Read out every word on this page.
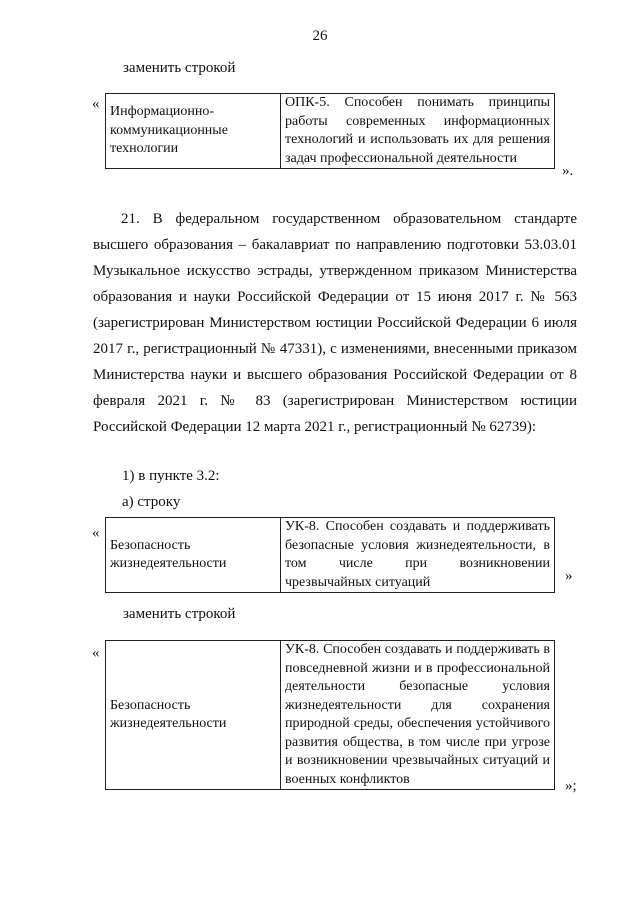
26
заменить строкой
« Информационно-коммуникационные технологии	ОПК-5. Способен понимать принципы работы современных информационных технологий и использовать их для решения задач профессиональной деятельности
».

21. В федеральном государственном образовательном стандарте высшего образования – бакалавриат по направлению подготовки 53.03.01 Музыкальное искусство эстрады, утвержденном приказом Министерства образования и науки Российской Федерации от 15 июня 2017 г. № 563 (зарегистрирован Министерством юстиции Российской Федерации 6 июля 2017 г., регистрационный № 47331), с изменениями, внесенными приказом Министерства науки и высшего образования Российской Федерации от 8 февраля 2021 г. № 83 (зарегистрирован Министерством юстиции Российской Федерации 12 марта 2021 г., регистрационный № 62739):

1) в пункте 3.2:
а) строку
«
Безопасность жизнедеятельности	УК-8. Способен создавать и поддерживать безопасные условия жизнедеятельности, в том числе при возникновении чрезвычайных ситуаций	»
заменить строкой
«
Безопасность жизнедеятельности	УК-8. Способен создавать и поддерживать в повседневной жизни и в профессиональной деятельности безопасные условия жизнедеятельности для сохранения природной среды, обеспечения устойчивого развития общества, в том числе при угрозе и возникновении чрезвычайных ситуаций и военных конфликтов	»;
